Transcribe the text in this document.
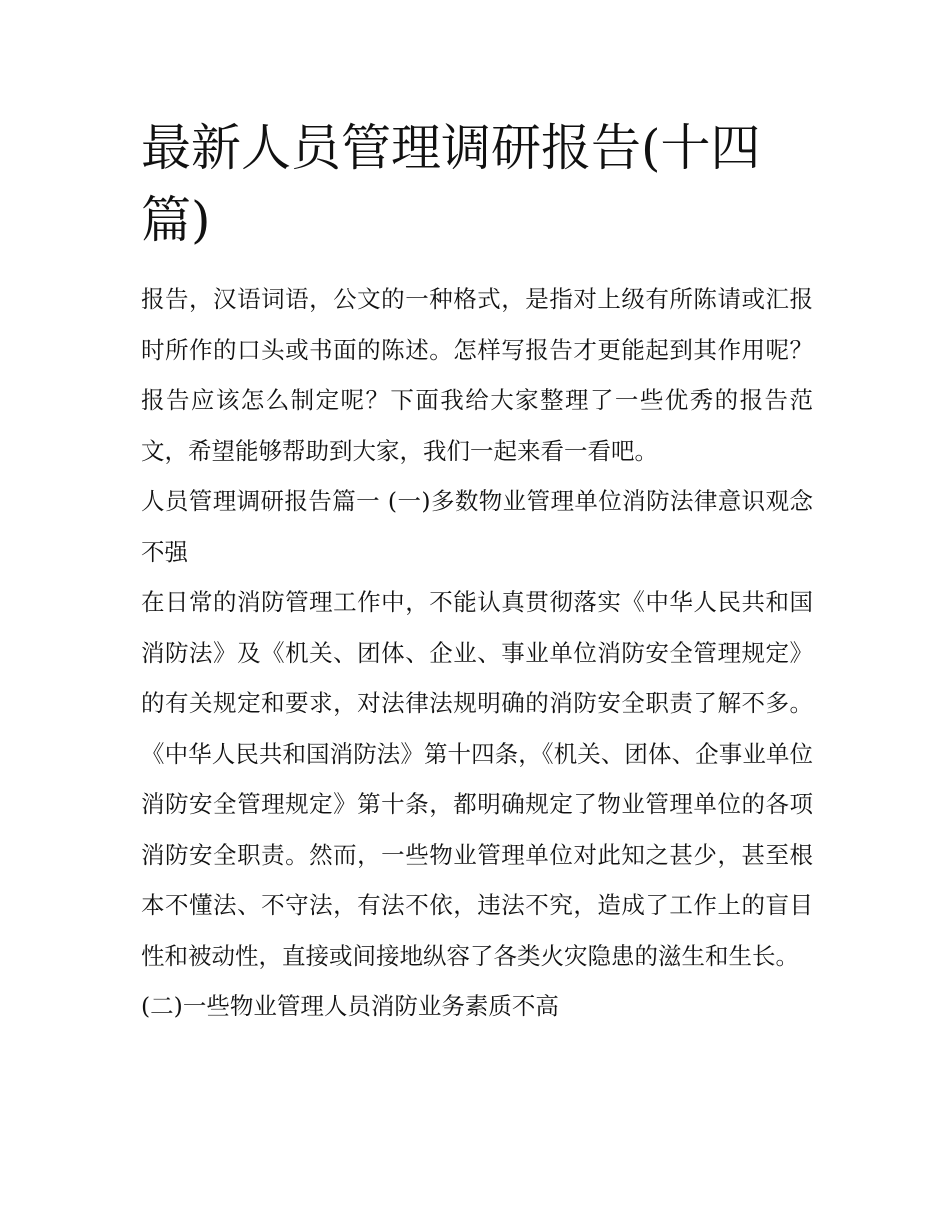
最新人员管理调研报告(十四篇)

报告，汉语词语，公文的一种格式，是指对上级有所陈请或汇报时所作的口头或书面的陈述。怎样写报告才更能起到其作用呢？报告应该怎么制定呢？下面我给大家整理了一些优秀的报告范文，希望能够帮助到大家，我们一起来看一看吧。

人员管理调研报告篇一 (一)多数物业管理单位消防法律意识观念不强

在日常的消防管理工作中，不能认真贯彻落实《中华人民共和国消防法》及《机关、团体、企业、事业单位消防安全管理规定》的有关规定和要求，对法律法规明确的消防安全职责了解不多。《中华人民共和国消防法》第十四条，《机关、团体、企事业单位消防安全管理规定》第十条，都明确规定了物业管理单位的各项消防安全职责。然而，一些物业管理单位对此知之甚少，甚至根本不懂法、不守法，有法不依，违法不究，造成了工作上的盲目性和被动性，直接或间接地纵容了各类火灾隐患的滋生和生长。

(二)一些物业管理人员消防业务素质不高
